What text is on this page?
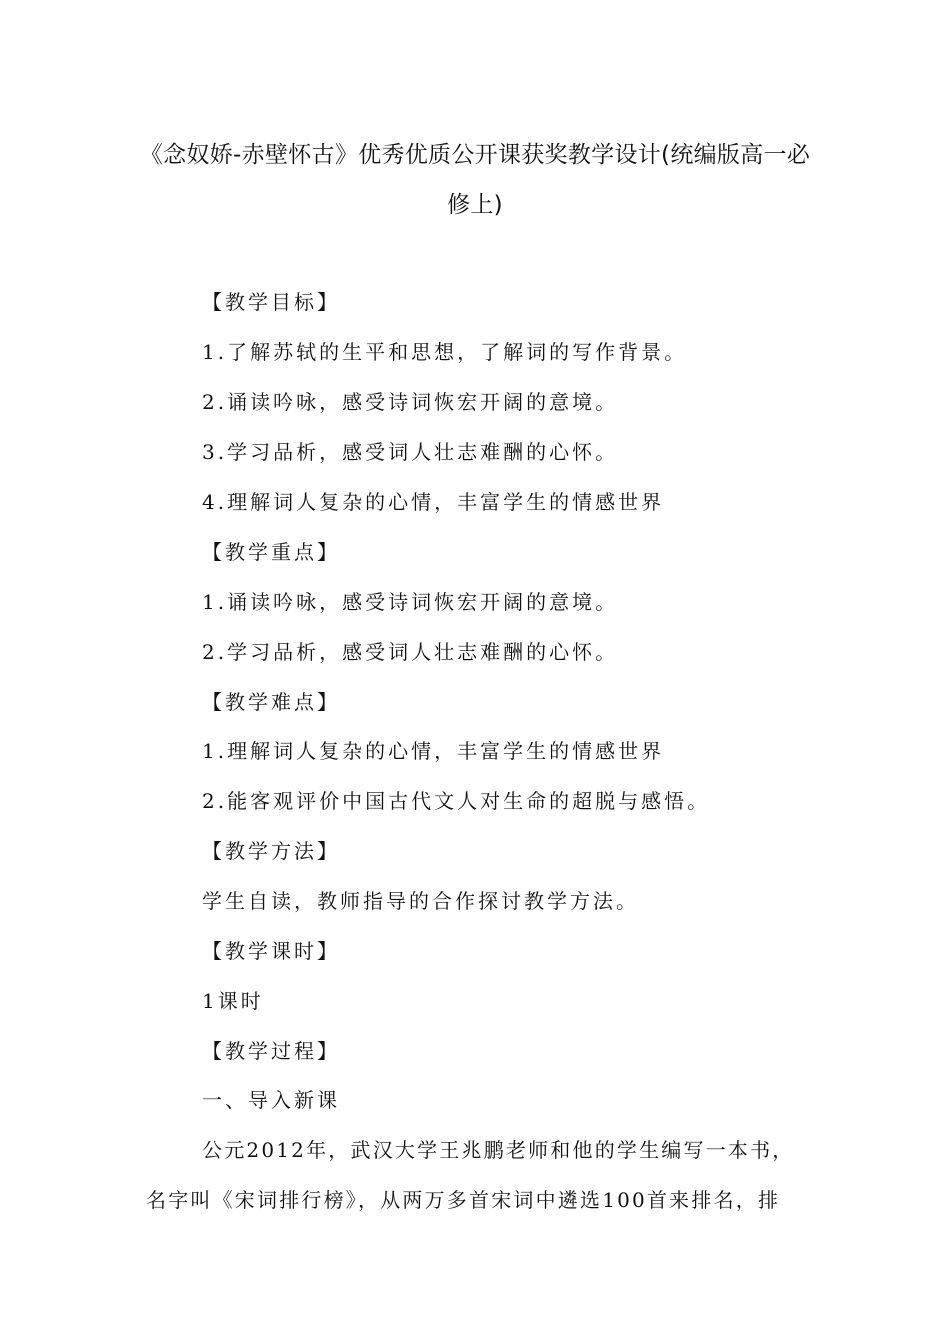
《念奴娇-赤壁怀古》优秀优质公开课获奖教学设计(统编版高一必
修上)

【教学目标】

1.了解苏轼的生平和思想，了解词的写作背景。

2.诵读吟咏，感受诗词恢宏开阔的意境。

3.学习品析，感受词人壮志难酬的心怀。

4.理解词人复杂的心情，丰富学生的情感世界

【教学重点】

1.诵读吟咏，感受诗词恢宏开阔的意境。

2.学习品析，感受词人壮志难酬的心怀。

【教学难点】

1.理解词人复杂的心情，丰富学生的情感世界

2.能客观评价中国古代文人对生命的超脱与感悟。

【教学方法】

学生自读，教师指导的合作探讨教学方法。

【教学课时】

1课时

【教学过程】

一、导入新课

公元2012年，武汉大学王兆鹏老师和他的学生编写一本书，

名字叫《宋词排行榜》，从两万多首宋词中遴选100首来排名，排
